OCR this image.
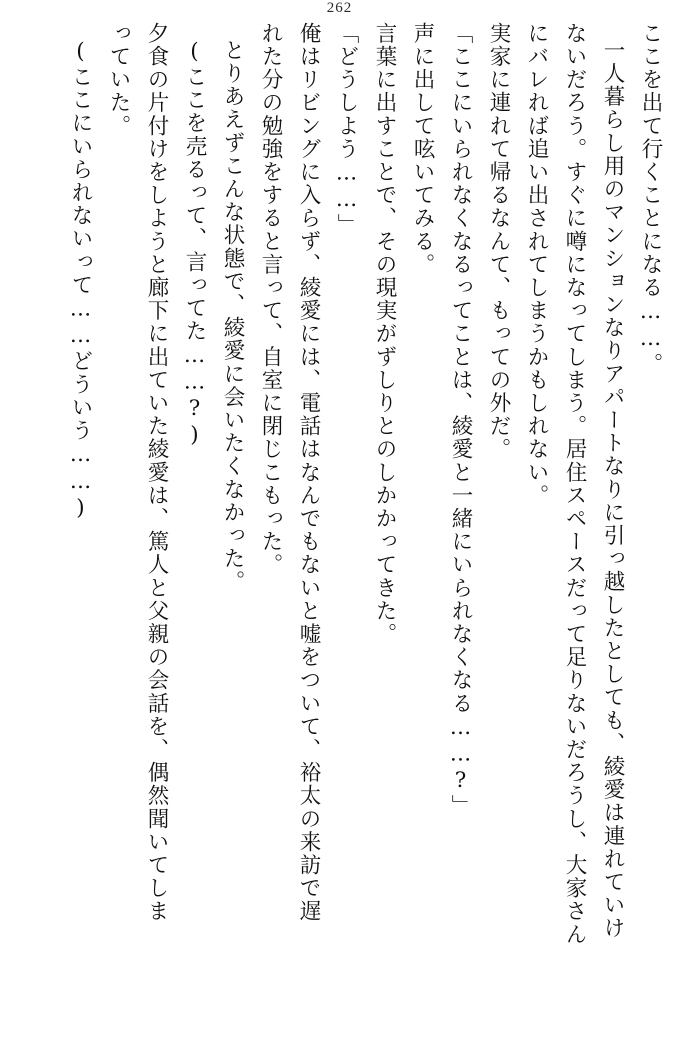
262
ここを出て行くことになる……。
一人暮らし用のマンションなりアパートなりに引っ越したとしても、綾愛は連れていけ
ないだろう。すぐに噂になってしまう。居住スペースだって足りないだろうし、大家さん
にバレれば追い出されてしまうかもしれない。
実家に連れて帰るなんて、もっての外だ。
「ここにいられなくなるってことは、綾愛と一緒にいられなくなる……?」
声に出して呟いてみる。
言葉に出すことで、その現実がずしりとのしかかってきた。
「どうしよう……」
俺はリビングに入らず、綾愛には、電話はなんでもないと嘘をついて、裕太の来訪で遅
れた分の勉強をすると言って、自室に閉じこもった。
とりあえずこんな状態で、綾愛に会いたくなかった。
(ここを売るって、言ってた……?)
夕食の片付けをしようと廊下に出ていた綾愛は、篤人と父親の会話を、偶然聞いてしま
っていた。
(ここにいられないって……どういう……)
